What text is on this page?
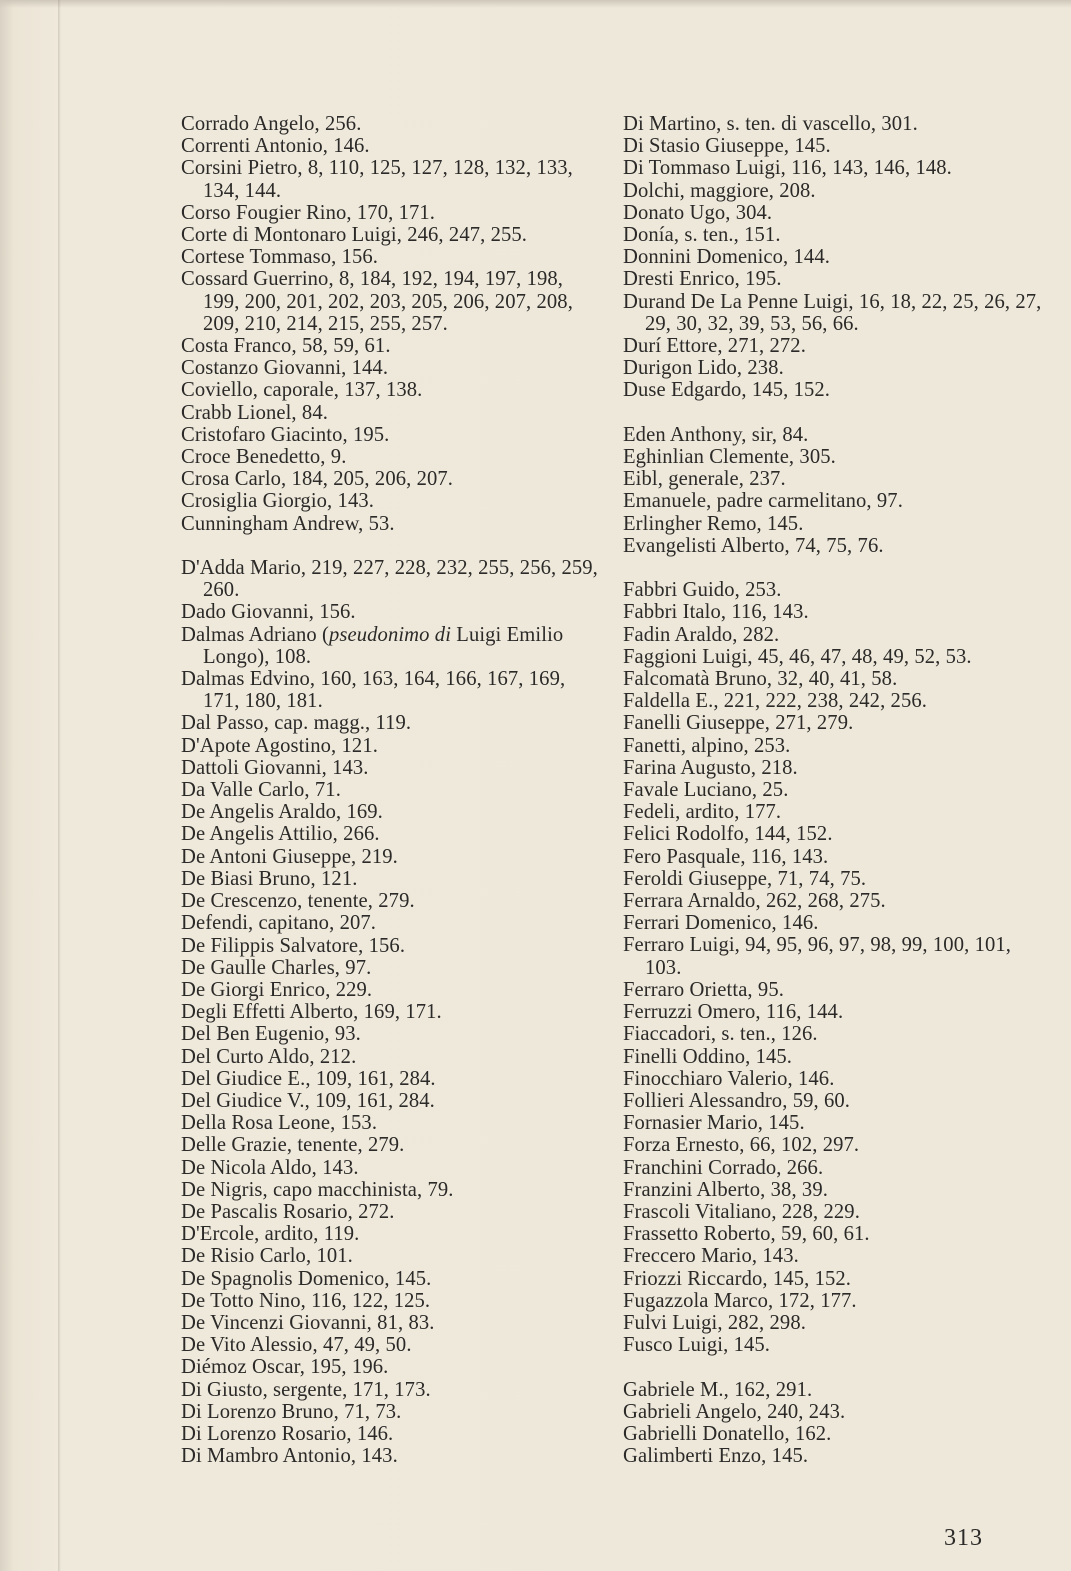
Corrado Angelo, 256.

Correnti Antonio, 146.

Corsini Pietro, 8, 110, 125, 127, 128, 132, 133, 134, 144.

Corso Fougier Rino, 170, 171.

Corte di Montonaro Luigi, 246, 247, 255.

Cortese Tommaso, 156.

Cossard Guerrino, 8, 184, 192, 194, 197, 198, 199, 200, 201, 202, 203, 205, 206, 207, 208, 209, 210, 214, 215, 255, 257.

Costa Franco, 58, 59, 61.

Costanzo Giovanni, 144.

Coviello, caporale, 137, 138.

Crabb Lionel, 84.

Cristofaro Giacinto, 195.

Croce Benedetto, 9.

Crosa Carlo, 184, 205, 206, 207.

Crosiglia Giorgio, 143.

Cunningham Andrew, 53.

D'Adda Mario, 219, 227, 228, 232, 255, 256, 259, 260.

Dado Giovanni, 156.

Dalmas Adriano (pseudonimo di Luigi Emilio Longo), 108.

Dalmas Edvino, 160, 163, 164, 166, 167, 169, 171, 180, 181.

Dal Passo, cap. magg., 119.

D'Apote Agostino, 121.

Dattoli Giovanni, 143.

Da Valle Carlo, 71.

De Angelis Araldo, 169.

De Angelis Attilio, 266.

De Antoni Giuseppe, 219.

De Biasi Bruno, 121.

De Crescenzo, tenente, 279.

Defendi, capitano, 207.

De Filippis Salvatore, 156.

De Gaulle Charles, 97.

De Giorgi Enrico, 229.

Degli Effetti Alberto, 169, 171.

Del Ben Eugenio, 93.

Del Curto Aldo, 212.

Del Giudice E., 109, 161, 284.

Del Giudice V., 109, 161, 284.

Della Rosa Leone, 153.

Delle Grazie, tenente, 279.

De Nicola Aldo, 143.

De Nigris, capo macchinista, 79.

De Pascalis Rosario, 272.

D'Ercole, ardito, 119.

De Risio Carlo, 101.

De Spagnolis Domenico, 145.

De Totto Nino, 116, 122, 125.

De Vincenzi Giovanni, 81, 83.

De Vito Alessio, 47, 49, 50.

Diémoz Oscar, 195, 196.

Di Giusto, sergente, 171, 173.

Di Lorenzo Bruno, 71, 73.

Di Lorenzo Rosario, 146.

Di Mambro Antonio, 143.

Di Martino, s. ten. di vascello, 301.

Di Stasio Giuseppe, 145.

Di Tommaso Luigi, 116, 143, 146, 148.

Dolchi, maggiore, 208.

Donato Ugo, 304.

Donía, s. ten., 151.

Donnini Domenico, 144.

Dresti Enrico, 195.

Durand De La Penne Luigi, 16, 18, 22, 25, 26, 27, 29, 30, 32, 39, 53, 56, 66.

Durí Ettore, 271, 272.

Durigon Lido, 238.

Duse Edgardo, 145, 152.

Eden Anthony, sir, 84.

Eghinlian Clemente, 305.

Eibl, generale, 237.

Emanuele, padre carmelitano, 97.

Erlingher Remo, 145.

Evangelisti Alberto, 74, 75, 76.

Fabbri Guido, 253.

Fabbri Italo, 116, 143.

Fadin Araldo, 282.

Faggioni Luigi, 45, 46, 47, 48, 49, 52, 53.

Falcomatà Bruno, 32, 40, 41, 58.

Faldella E., 221, 222, 238, 242, 256.

Fanelli Giuseppe, 271, 279.

Fanetti, alpino, 253.

Farina Augusto, 218.

Favale Luciano, 25.

Fedeli, ardito, 177.

Felici Rodolfo, 144, 152.

Fero Pasquale, 116, 143.

Feroldi Giuseppe, 71, 74, 75.

Ferrara Arnaldo, 262, 268, 275.

Ferrari Domenico, 146.

Ferraro Luigi, 94, 95, 96, 97, 98, 99, 100, 101, 103.

Ferraro Orietta, 95.

Ferruzzi Omero, 116, 144.

Fiaccadori, s. ten., 126.

Finelli Oddino, 145.

Finocchiaro Valerio, 146.

Follieri Alessandro, 59, 60.

Fornasier Mario, 145.

Forza Ernesto, 66, 102, 297.

Franchini Corrado, 266.

Franzini Alberto, 38, 39.

Frascoli Vitaliano, 228, 229.

Frassetto Roberto, 59, 60, 61.

Freccero Mario, 143.

Friozzi Riccardo, 145, 152.

Fugazzola Marco, 172, 177.

Fulvi Luigi, 282, 298.

Fusco Luigi, 145.

Gabriele M., 162, 291.

Gabrieli Angelo, 240, 243.

Gabrielli Donatello, 162.

Galimberti Enzo, 145.

313
